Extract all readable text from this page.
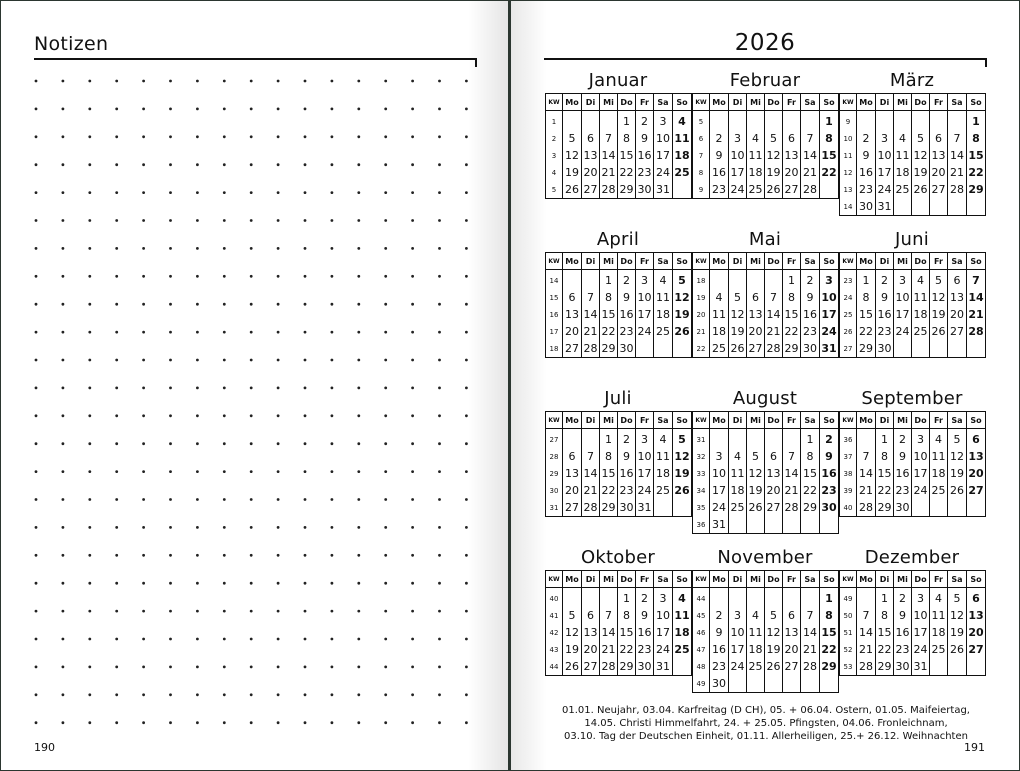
Notizen
190
2026
Januar
KW	Mo	Di	Mi	Do	Fr	Sa	So
1				1	2	3	4
2	5	6	7	8	9	10	11
3	12	13	14	15	16	17	18
4	19	20	21	22	23	24	25
5	26	27	28	29	30	31	
Februar
KW	Mo	Di	Mi	Do	Fr	Sa	So
5							1
6	2	3	4	5	6	7	8
7	9	10	11	12	13	14	15
8	16	17	18	19	20	21	22
9	23	24	25	26	27	28	
März
KW	Mo	Di	Mi	Do	Fr	Sa	So
9							1
10	2	3	4	5	6	7	8
11	9	10	11	12	13	14	15
12	16	17	18	19	20	21	22
13	23	24	25	26	27	28	29
14	30	31					
April
KW	Mo	Di	Mi	Do	Fr	Sa	So
14			1	2	3	4	5
15	6	7	8	9	10	11	12
16	13	14	15	16	17	18	19
17	20	21	22	23	24	25	26
18	27	28	29	30			
Mai
KW	Mo	Di	Mi	Do	Fr	Sa	So
18					1	2	3
19	4	5	6	7	8	9	10
20	11	12	13	14	15	16	17
21	18	19	20	21	22	23	24
22	25	26	27	28	29	30	31
Juni
KW	Mo	Di	Mi	Do	Fr	Sa	So
23	1	2	3	4	5	6	7
24	8	9	10	11	12	13	14
25	15	16	17	18	19	20	21
26	22	23	24	25	26	27	28
27	29	30					
Juli
KW	Mo	Di	Mi	Do	Fr	Sa	So
27			1	2	3	4	5
28	6	7	8	9	10	11	12
29	13	14	15	16	17	18	19
30	20	21	22	23	24	25	26
31	27	28	29	30	31		
August
KW	Mo	Di	Mi	Do	Fr	Sa	So
31						1	2
32	3	4	5	6	7	8	9
33	10	11	12	13	14	15	16
34	17	18	19	20	21	22	23
35	24	25	26	27	28	29	30
36	31						
September
KW	Mo	Di	Mi	Do	Fr	Sa	So
36		1	2	3	4	5	6
37	7	8	9	10	11	12	13
38	14	15	16	17	18	19	20
39	21	22	23	24	25	26	27
40	28	29	30				
Oktober
KW	Mo	Di	Mi	Do	Fr	Sa	So
40				1	2	3	4
41	5	6	7	8	9	10	11
42	12	13	14	15	16	17	18
43	19	20	21	22	23	24	25
44	26	27	28	29	30	31	
November
KW	Mo	Di	Mi	Do	Fr	Sa	So
44							1
45	2	3	4	5	6	7	8
46	9	10	11	12	13	14	15
47	16	17	18	19	20	21	22
48	23	24	25	26	27	28	29
49	30						
Dezember
KW	Mo	Di	Mi	Do	Fr	Sa	So
49		1	2	3	4	5	6
50	7	8	9	10	11	12	13
51	14	15	16	17	18	19	20
52	21	22	23	24	25	26	27
53	28	29	30	31			
01.01. Neujahr, 03.04. Karfreitag (D CH), 05. + 06.04. Ostern, 01.05. Maifeiertag,
14.05. Christi Himmelfahrt, 24. + 25.05. Pfingsten, 04.06. Fronleichnam,
03.10. Tag der Deutschen Einheit, 01.11. Allerheiligen, 25.+ 26.12. Weihnachten
191
